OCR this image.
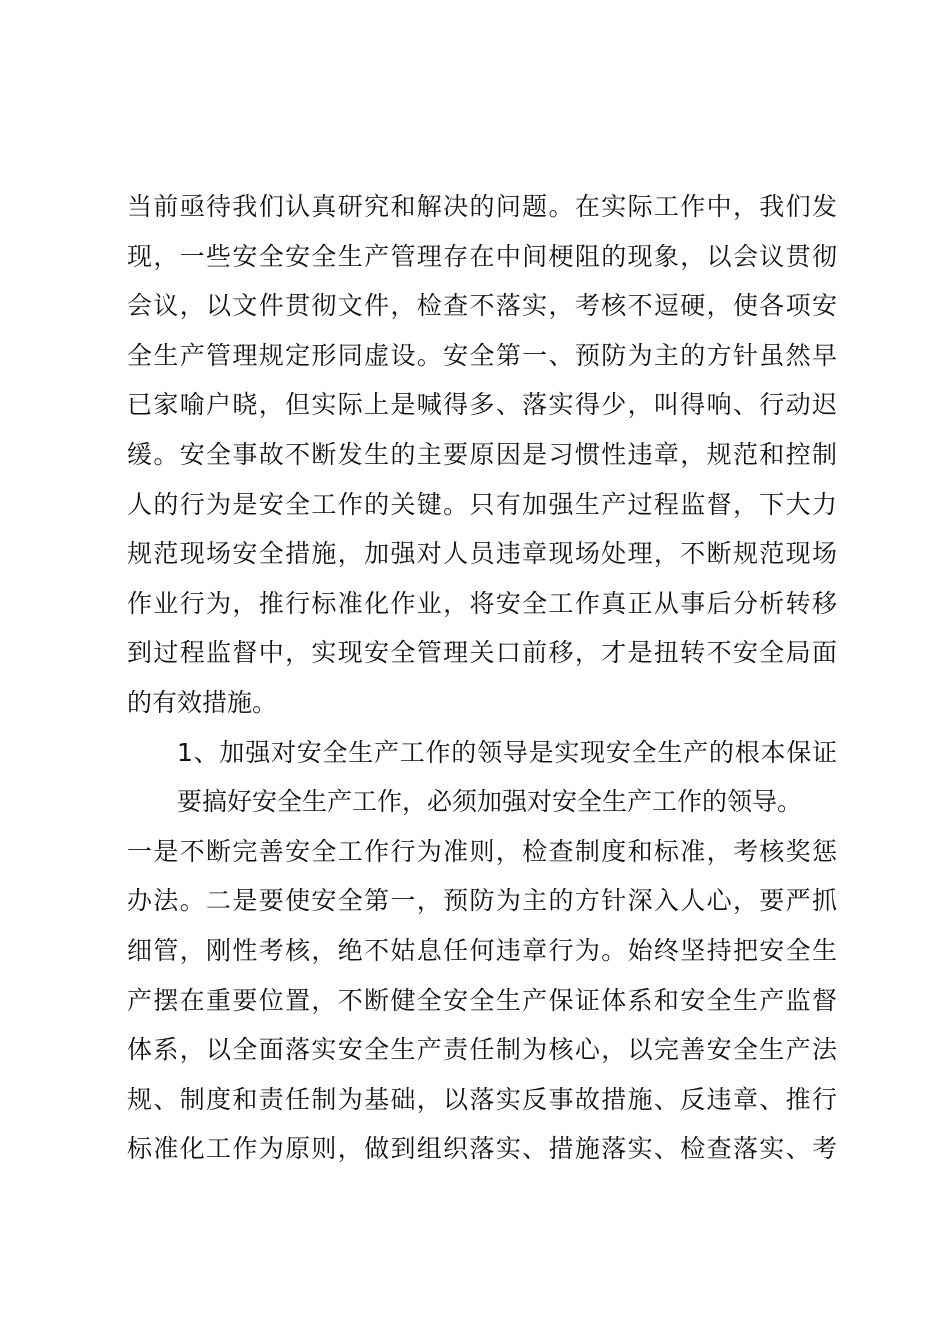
当前亟待我们认真研究和解决的问题。在实际工作中，我们发
现，一些安全安全生产管理存在中间梗阻的现象，以会议贯彻
会议，以文件贯彻文件，检查不落实，考核不逗硬，使各项安
全生产管理规定形同虚设。安全第一、预防为主的方针虽然早
已家喻户晓，但实际上是喊得多、落实得少，叫得响、行动迟
缓。安全事故不断发生的主要原因是习惯性违章，规范和控制
人的行为是安全工作的关键。只有加强生产过程监督，下大力
规范现场安全措施，加强对人员违章现场处理，不断规范现场
作业行为，推行标准化作业，将安全工作真正从事后分析转移
到过程监督中，实现安全管理关口前移，才是扭转不安全局面
的有效措施。
1、加强对安全生产工作的领导是实现安全生产的根本保证
要搞好安全生产工作，必须加强对安全生产工作的领导。
一是不断完善安全工作行为准则，检查制度和标准，考核奖惩
办法。二是要使安全第一，预防为主的方针深入人心，要严抓
细管，刚性考核，绝不姑息任何违章行为。始终坚持把安全生
产摆在重要位置，不断健全安全生产保证体系和安全生产监督
体系，以全面落实安全生产责任制为核心，以完善安全生产法
规、制度和责任制为基础，以落实反事故措施、反违章、推行
标准化工作为原则，做到组织落实、措施落实、检查落实、考
